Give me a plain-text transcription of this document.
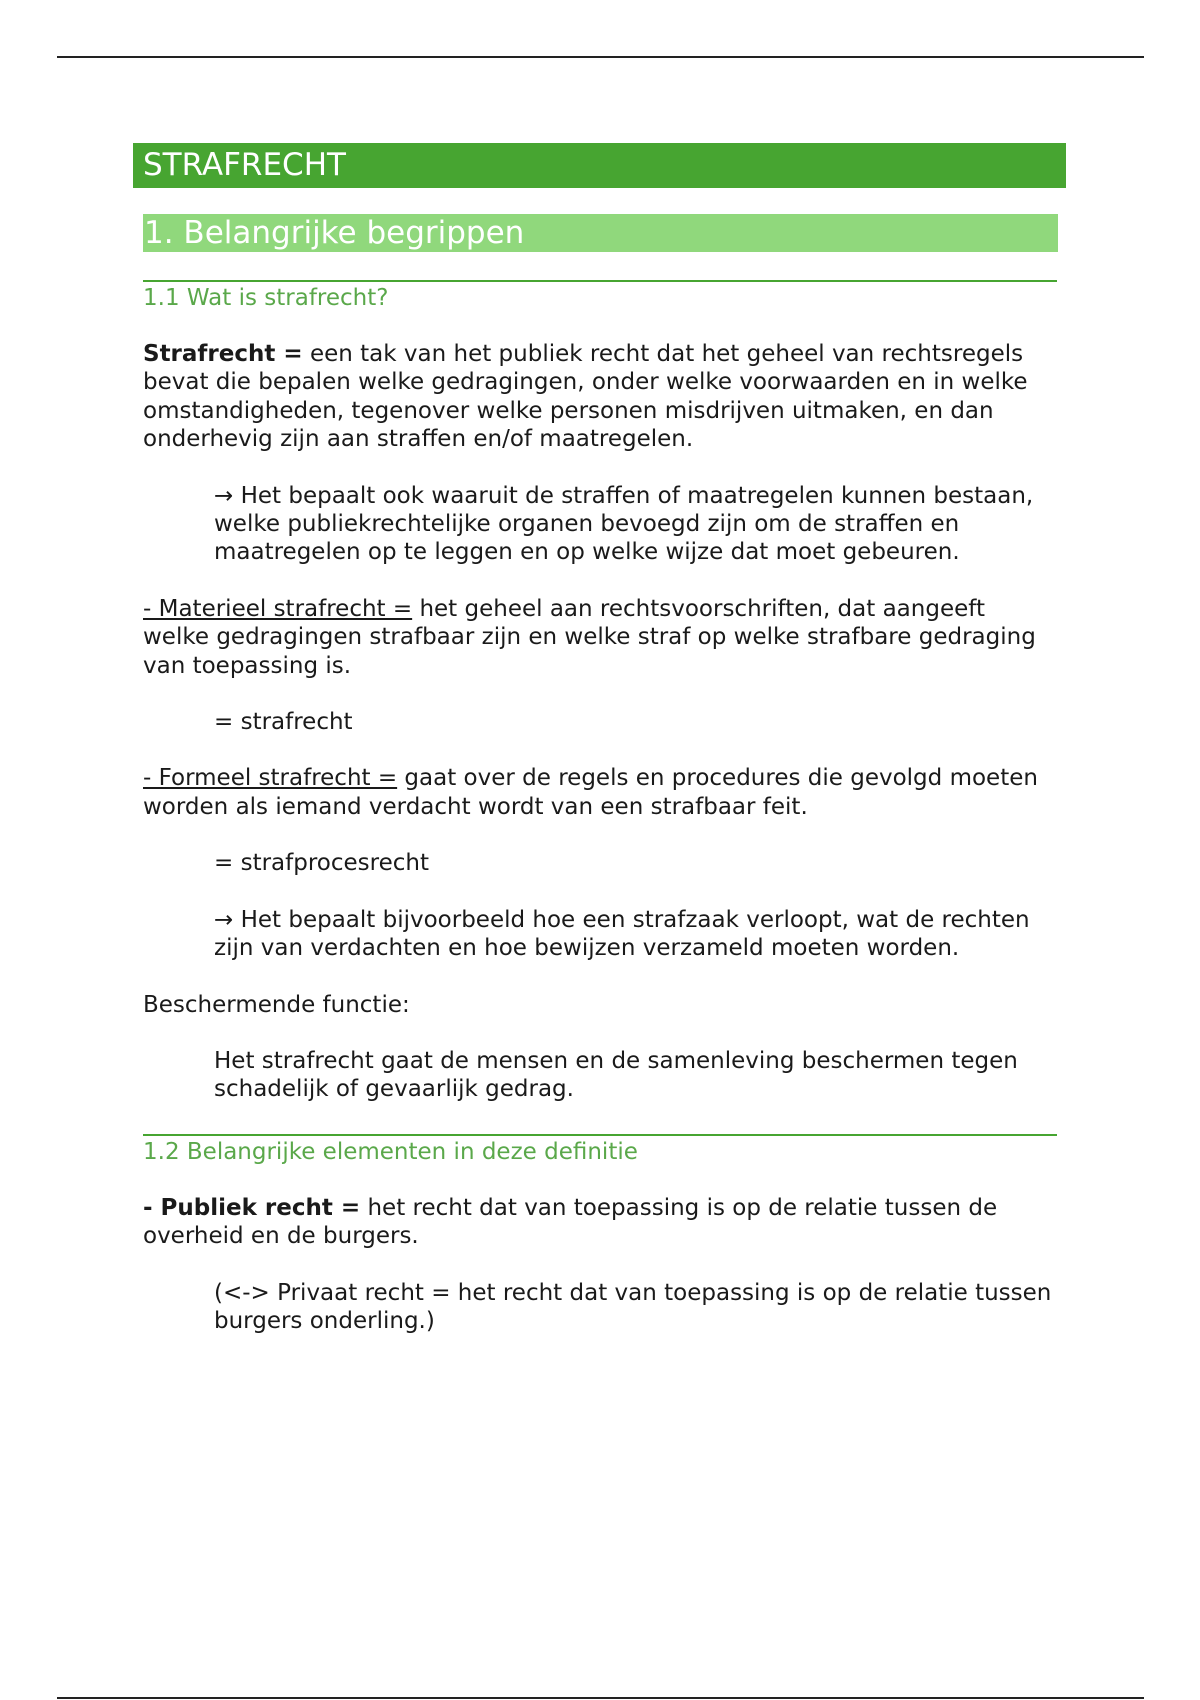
STRAFRECHT
1. Belangrijke begrippen
1.1 Wat is strafrecht?

Strafrecht = een tak van het publiek recht dat het geheel van rechtsregels bevat die bepalen welke gedragingen, onder welke voorwaarden en in welke omstandigheden, tegenover welke personen misdrijven uitmaken, en dan onderhevig zijn aan straffen en/of maatregelen.

→ Het bepaalt ook waaruit de straffen of maatregelen kunnen bestaan, welke publiekrechtelijke organen bevoegd zijn om de straffen en maatregelen op te leggen en op welke wijze dat moet gebeuren.

- Materieel strafrecht = het geheel aan rechtsvoorschriften, dat aangeeft welke gedragingen strafbaar zijn en welke straf op welke strafbare gedraging van toepassing is.

= strafrecht

- Formeel strafrecht = gaat over de regels en procedures die gevolgd moeten worden als iemand verdacht wordt van een strafbaar feit.

= strafprocesrecht

→ Het bepaalt bijvoorbeeld hoe een strafzaak verloopt, wat de rechten zijn van verdachten en hoe bewijzen verzameld moeten worden.

Beschermende functie:

Het strafrecht gaat de mensen en de samenleving beschermen tegen schadelijk of gevaarlijk gedrag.

1.2 Belangrijke elementen in deze definitie

- Publiek recht = het recht dat van toepassing is op de relatie tussen de overheid en de burgers.

(<-> Privaat recht = het recht dat van toepassing is op de relatie tussen burgers onderling.)
